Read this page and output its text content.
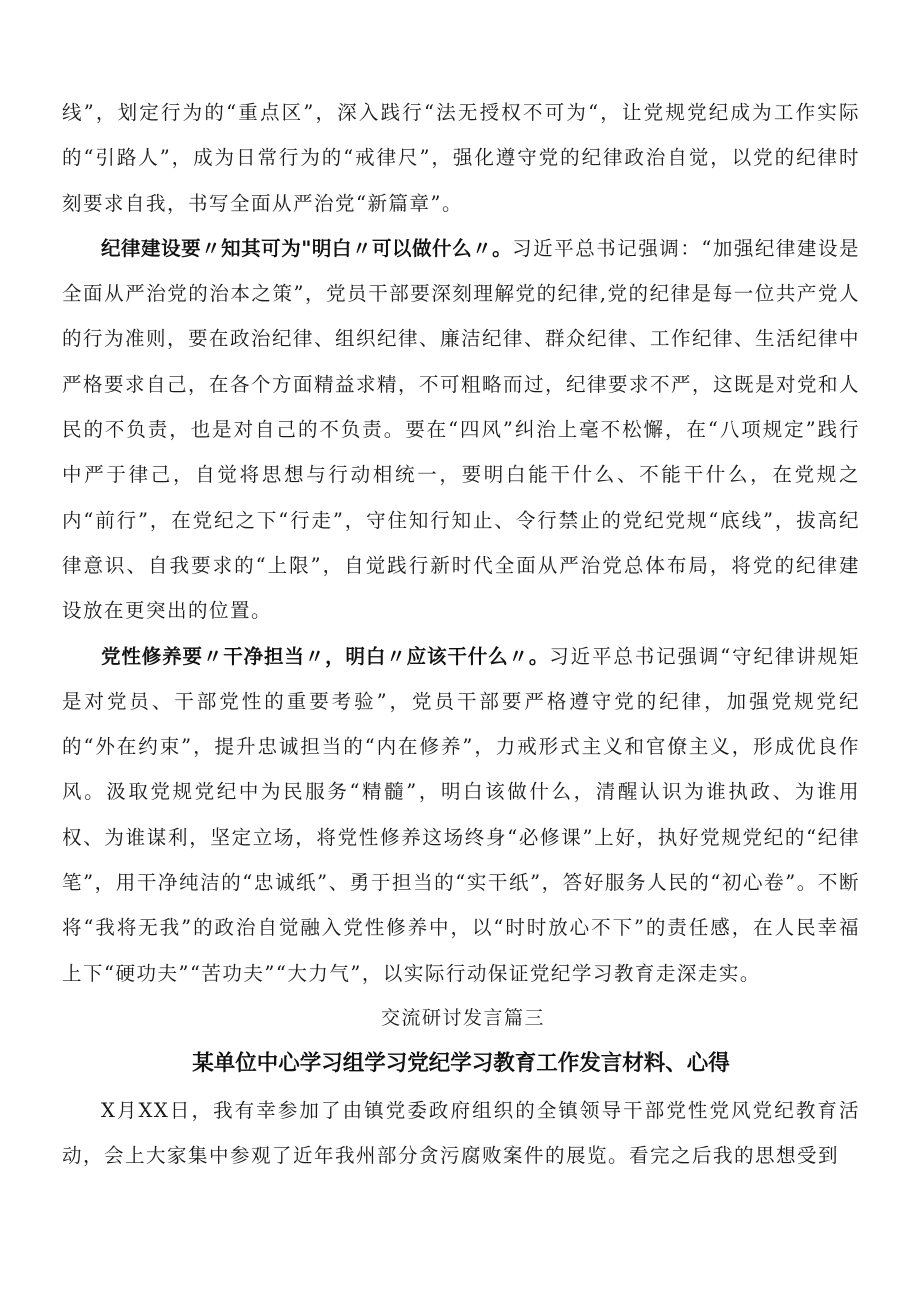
线”，划定行为的“重点区”，深入践行“法无授权不可为“，让党规党纪成为工作实际的“引路人”，成为日常行为的“戒律尺”，强化遵守党的纪律政治自觉，以党的纪律时刻要求自我，书写全面从严治党“新篇章”。

纪律建设要〃知其可为"明白〃可以做什么〃。习近平总书记强调：“加强纪律建设是全面从严治党的治本之策”，党员干部要深刻理解党的纪律,党的纪律是每一位共产党人的行为准则，要在政治纪律、组织纪律、廉洁纪律、群众纪律、工作纪律、生活纪律中严格要求自己，在各个方面精益求精，不可粗略而过，纪律要求不严，这既是对党和人民的不负责，也是对自己的不负责。要在“四风”纠治上毫不松懈，在“八项规定”践行中严于律己，自觉将思想与行动相统一，要明白能干什么、不能干什么，在党规之内“前行”，在党纪之下“行走”，守住知行知止、令行禁止的党纪党规“底线”，拔高纪律意识、自我要求的“上限”，自觉践行新时代全面从严治党总体布局，将党的纪律建设放在更突出的位置。

党性修养要〃干净担当〃，明白〃应该干什么〃。习近平总书记强调“守纪律讲规矩是对党员、干部党性的重要考验”，党员干部要严格遵守党的纪律，加强党规党纪的“外在约束”，提升忠诚担当的“内在修养”，力戒形式主义和官僚主义，形成优良作风。汲取党规党纪中为民服务“精髓”，明白该做什么，清醒认识为谁执政、为谁用权、为谁谋利，坚定立场，将党性修养这场终身“必修课”上好，执好党规党纪的“纪律笔”，用干净纯洁的“忠诚纸”、勇于担当的“实干纸”，答好服务人民的“初心卷”。不断将“我将无我”的政治自觉融入党性修养中，以“时时放心不下”的责任感，在人民幸福上下“硬功夫”“苦功夫”“大力气”，以实际行动保证党纪学习教育走深走实。

交流研讨发言篇三

某单位中心学习组学习党纪学习教育工作发言材料、心得

X月XX日，我有幸参加了由镇党委政府组织的全镇领导干部党性党风党纪教育活动，会上大家集中参观了近年我州部分贪污腐败案件的展览。看完之后我的思想受到
